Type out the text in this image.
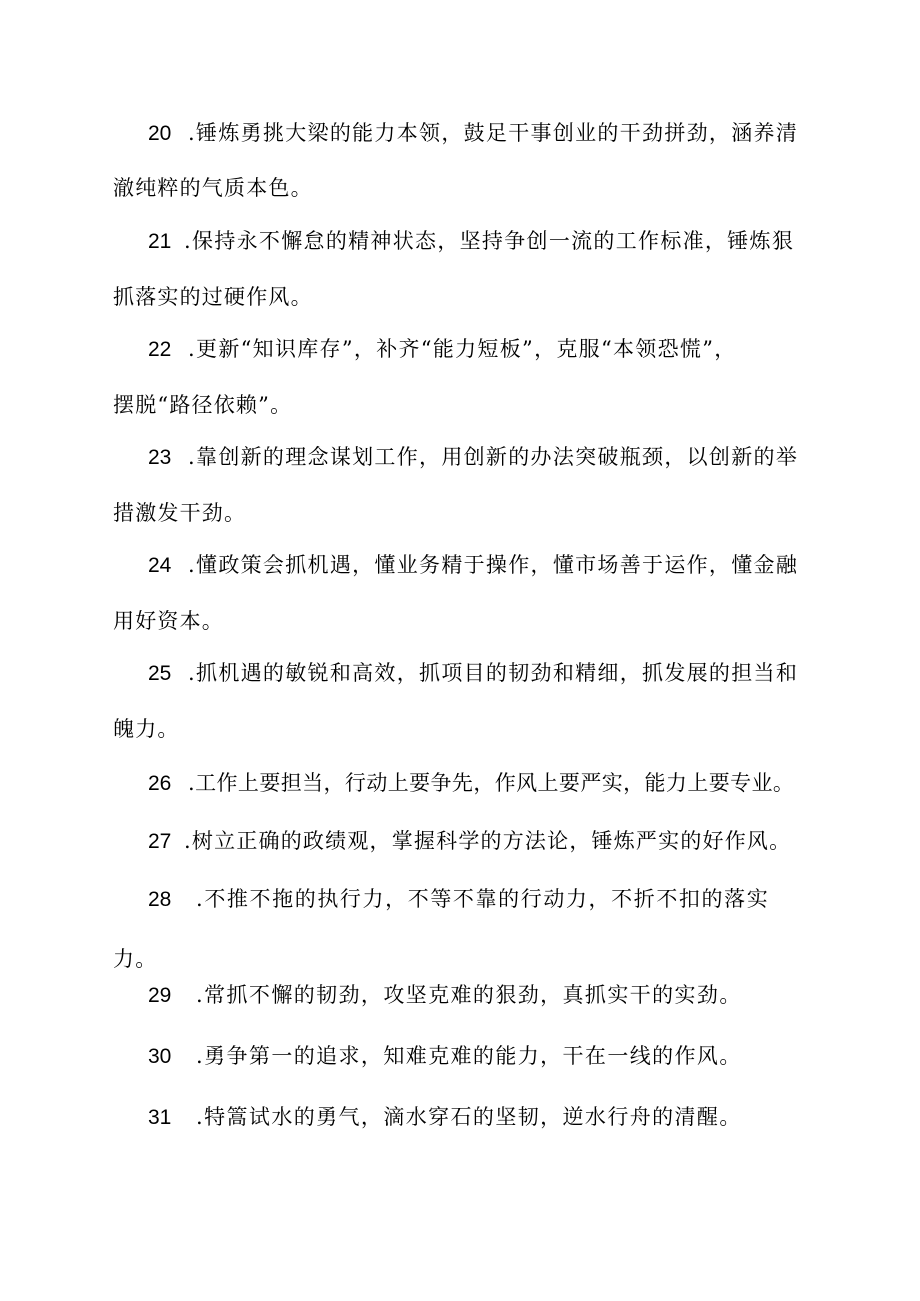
20 .锤炼勇挑大梁的能力本领，鼓足干事创业的干劲拼劲，涵养清
澈纯粹的气质本色。
21 .保持永不懈怠的精神状态，坚持争创一流的工作标准，锤炼狠
抓落实的过硬作风。
22 .更新“知识库存”，补齐“能力短板”，克服“本领恐慌”，
摆脱“路径依赖”。
23 .靠创新的理念谋划工作，用创新的办法突破瓶颈，以创新的举
措激发干劲。
24 .懂政策会抓机遇，懂业务精于操作，懂市场善于运作，懂金融
用好资本。
25 .抓机遇的敏锐和高效，抓项目的韧劲和精细，抓发展的担当和
魄力。
26 .工作上要担当，行动上要争先，作风上要严实，能力上要专业。
27 .树立正确的政绩观，掌握科学的方法论，锤炼严实的好作风。
28 .不推不拖的执行力，不等不靠的行动力，不折不扣的落实
力。
29 .常抓不懈的韧劲，攻坚克难的狠劲，真抓实干的实劲。
30 .勇争第一的追求，知难克难的能力，干在一线的作风。
31 .特篙试水的勇气，滴水穿石的坚韧，逆水行舟的清醒。
